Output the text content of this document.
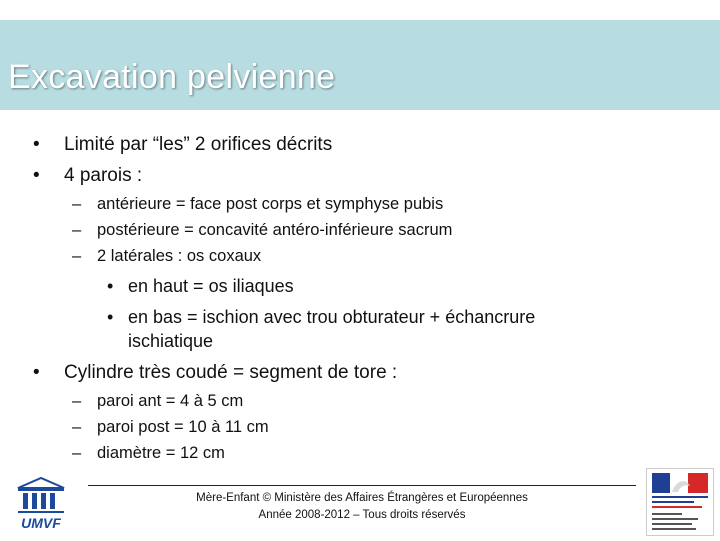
Excavation pelvienne
• Limité par “les” 2 orifices décrits
• 4 parois :
– antérieure = face post corps et symphyse pubis
– postérieure = concavité antéro-inférieure sacrum
– 2 latérales : os coxaux
• en haut = os iliaques
• en bas = ischion avec trou obturateur + échancrure
ischiatique
• Cylindre très coudé = segment de tore :
– paroi ant = 4 à 5 cm
– paroi post = 10 à 11 cm
– diamètre = 12 cm
Mère-Enfant © Ministère des Affaires Étrangères et Européennes
Année 2008-2012 – Tous droits réservés
UMVF
